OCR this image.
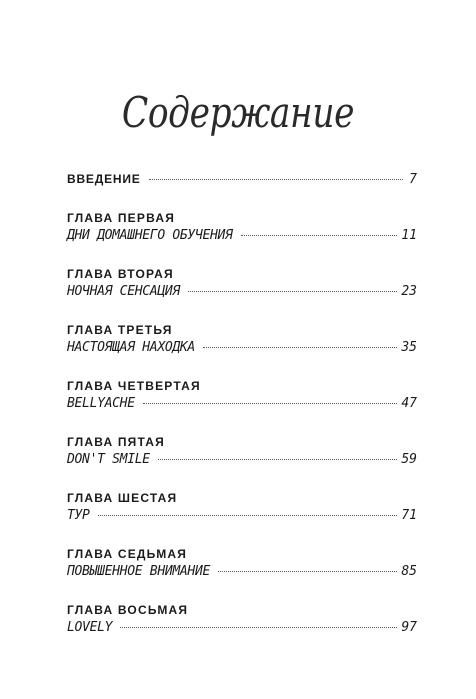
Содержание
ВВЕДЕНИЕ	7
ГЛАВА ПЕРВАЯ
ДНИ ДОМАШНЕГО ОБУЧЕНИЯ	11
ГЛАВА ВТОРАЯ
НОЧНАЯ СЕНСАЦИЯ	23
ГЛАВА ТРЕТЬЯ
НАСТОЯЩАЯ НАХОДКА	35
ГЛАВА ЧЕТВЕРТАЯ
BELLYACHE	47
ГЛАВА ПЯТАЯ
DON'T SMILE	59
ГЛАВА ШЕСТАЯ
ТУР	71
ГЛАВА СЕДЬМАЯ
ПОВЫШЕННОЕ ВНИМАНИЕ	85
ГЛАВА ВОСЬМАЯ
LOVELY	97
